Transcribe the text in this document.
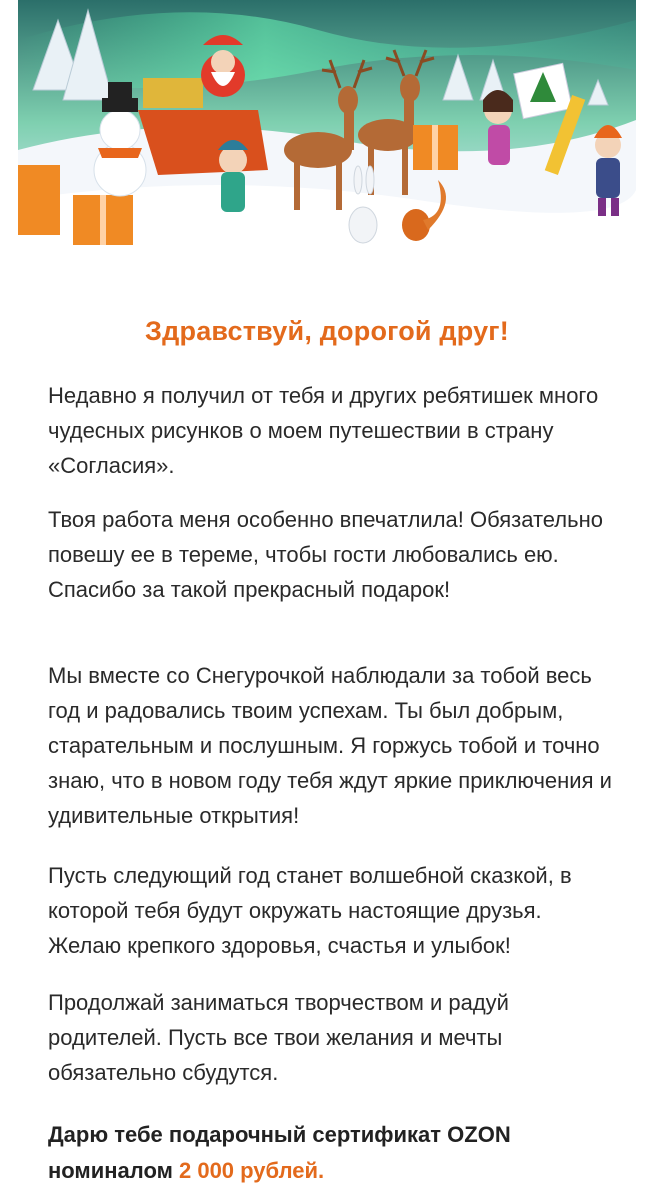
Здравствуй, дорогой друг!

Недавно я получил от тебя и других ребятишек много чудесных рисунков о моем путешествии в страну «Согласия».

Твоя работа меня особенно впечатлила! Обязательно повешу ее в тереме, чтобы гости любовались ею. Спасибо за такой прекрасный подарок!

Мы вместе со Снегурочкой наблюдали за тобой весь год и радовались твоим успехам. Ты был добрым, старательным и послушным. Я горжусь тобой и точно знаю, что в новом году тебя ждут яркие приключения и удивительные открытия!

Пусть следующий год станет волшебной сказкой, в которой тебя будут окружать настоящие друзья. Желаю крепкого здоровья, счастья и улыбок!

Продолжай заниматься творчеством и радуй родителей. Пусть все твои желания и мечты обязательно сбудутся.

Дарю тебе подарочный сертификат OZON номиналом 2 000 рублей.
